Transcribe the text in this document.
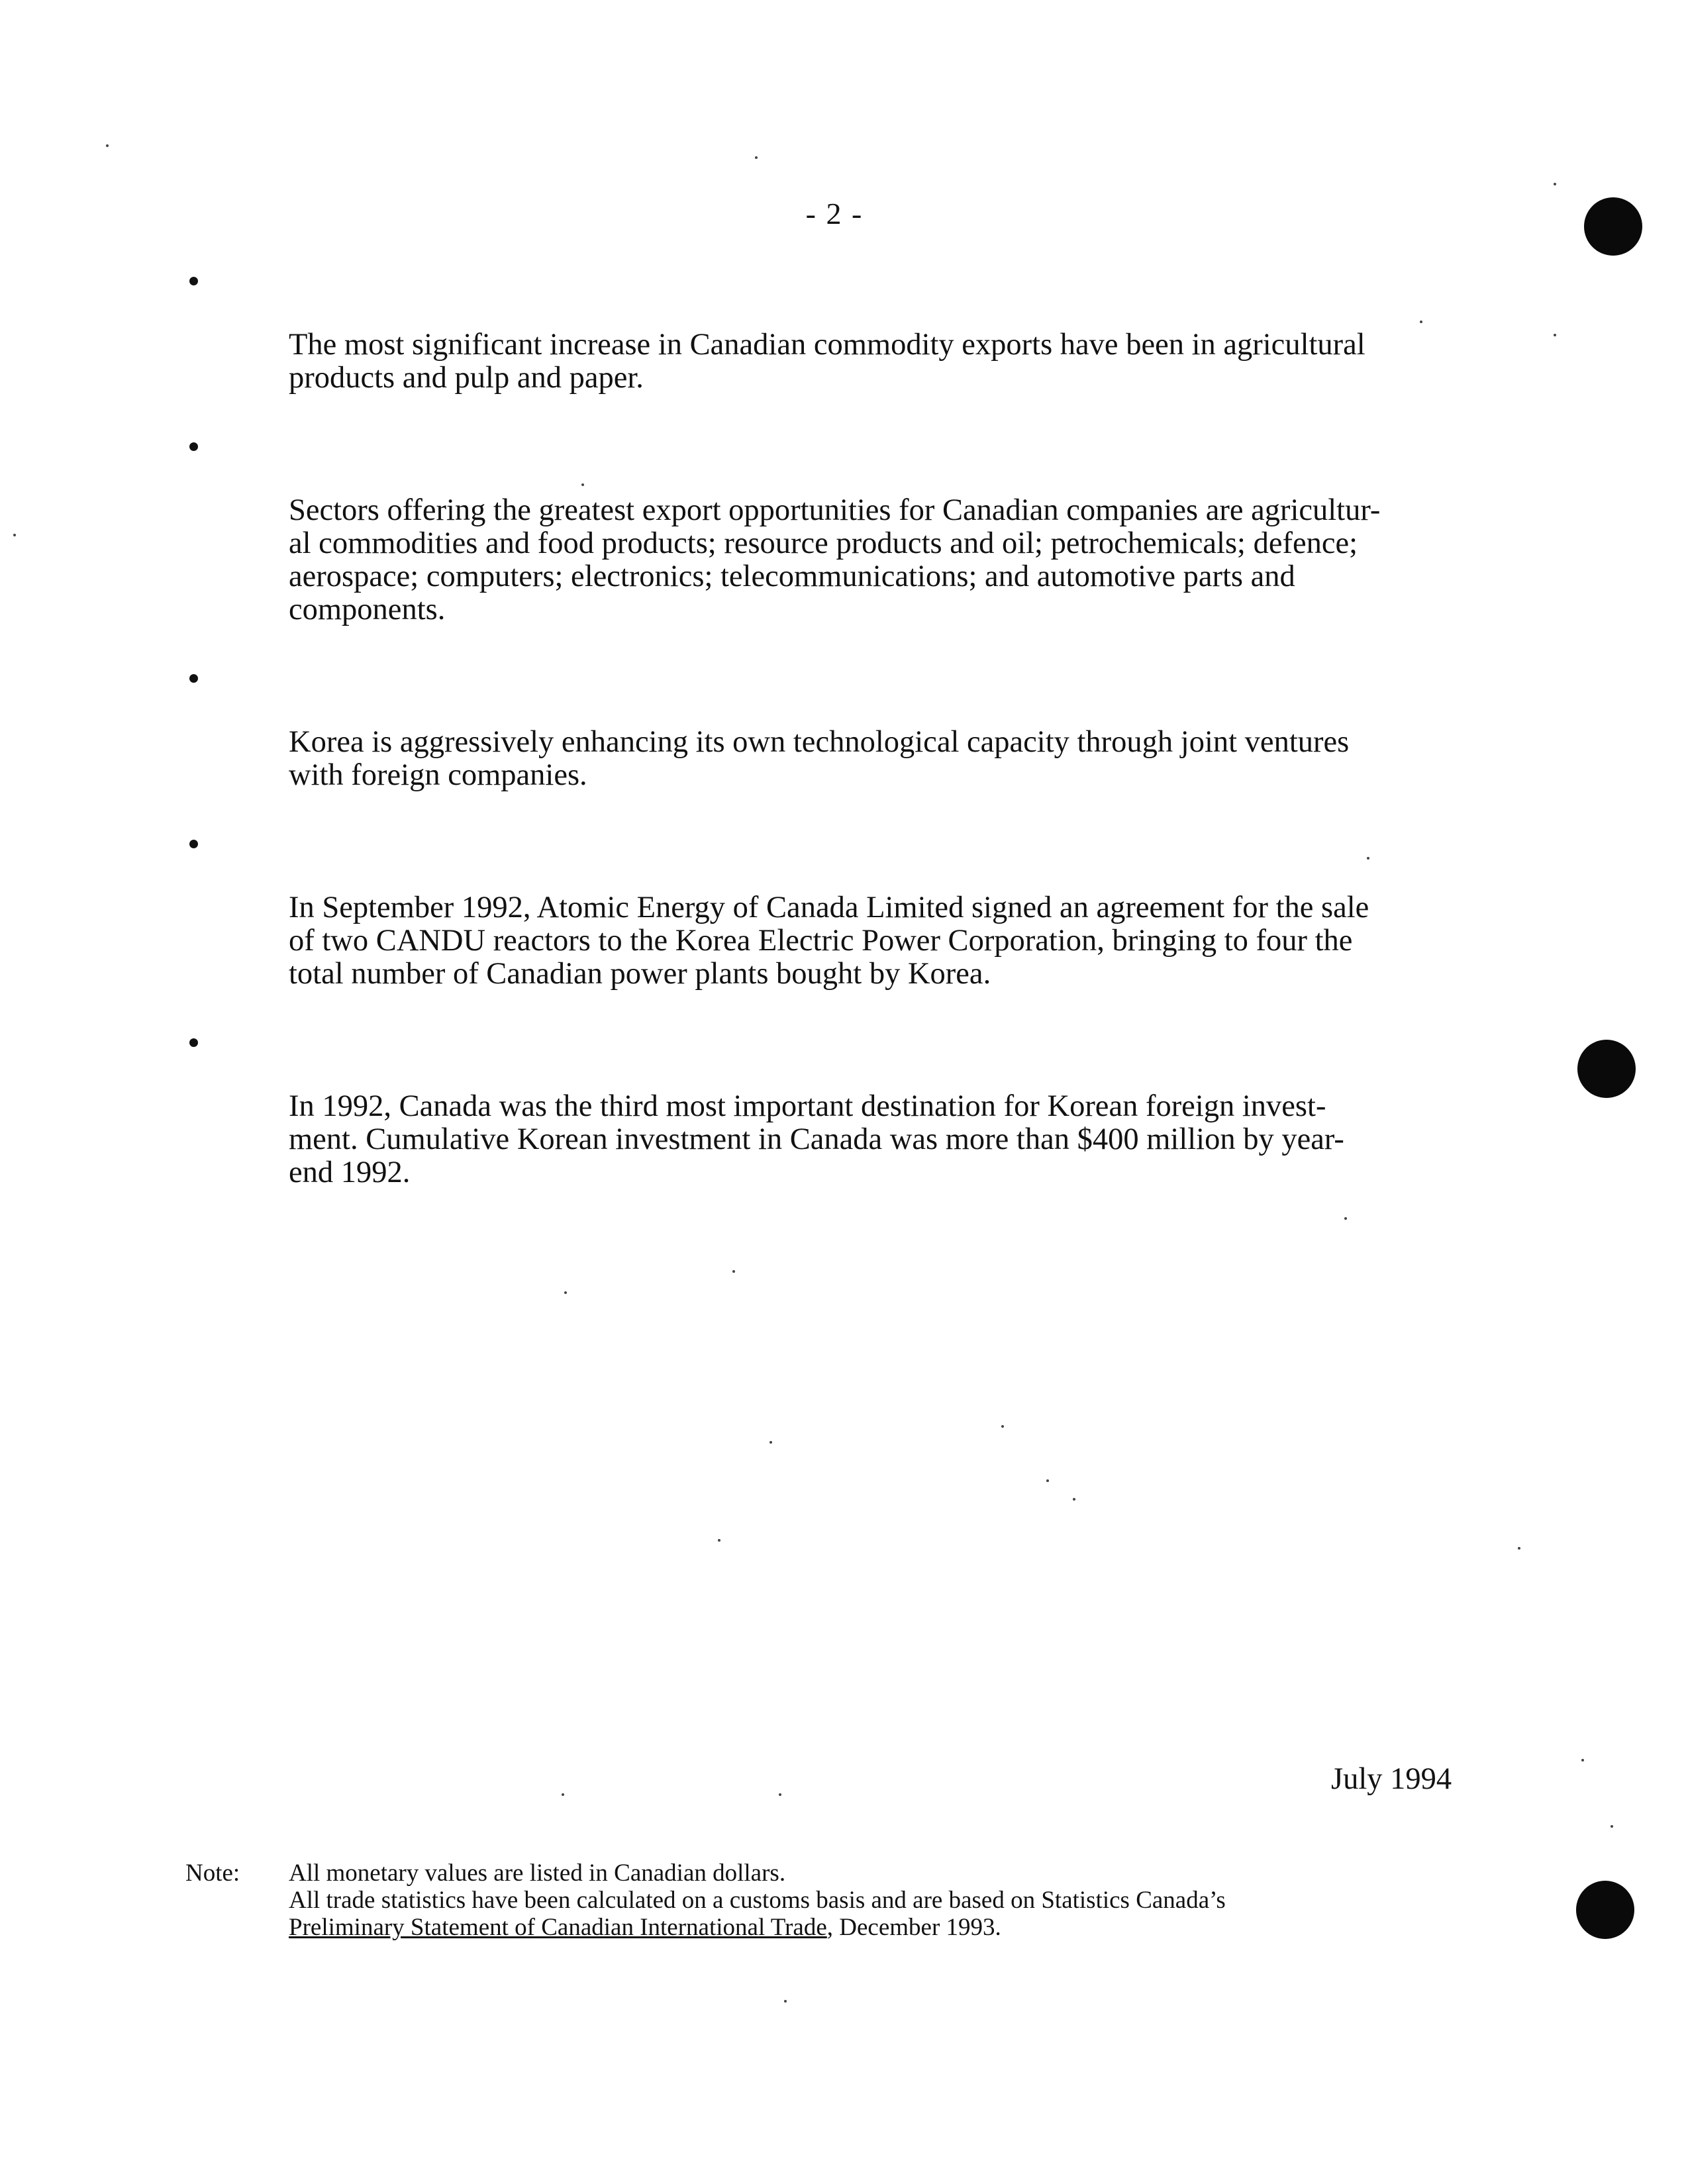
- 2 -

The most significant increase in Canadian commodity exports have been in agricultural
products and pulp and paper.

Sectors offering the greatest export opportunities for Canadian companies are agricultur-
al commodities and food products; resource products and oil; petrochemicals; defence;
aerospace; computers; electronics; telecommunications; and automotive parts and
components.

Korea is aggressively enhancing its own technological capacity through joint ventures
with foreign companies.

In September 1992, Atomic Energy of Canada Limited signed an agreement for the sale
of two CANDU reactors to the Korea Electric Power Corporation, bringing to four the
total number of Canadian power plants bought by Korea.

In 1992, Canada was the third most important destination for Korean foreign invest-
ment. Cumulative Korean investment in Canada was more than $400 million by year-
end 1992.

July 1994
Note: All monetary values are listed in Canadian dollars.
All trade statistics have been calculated on a customs basis and are based on Statistics Canada’s
Preliminary Statement of Canadian International Trade, December 1993.
